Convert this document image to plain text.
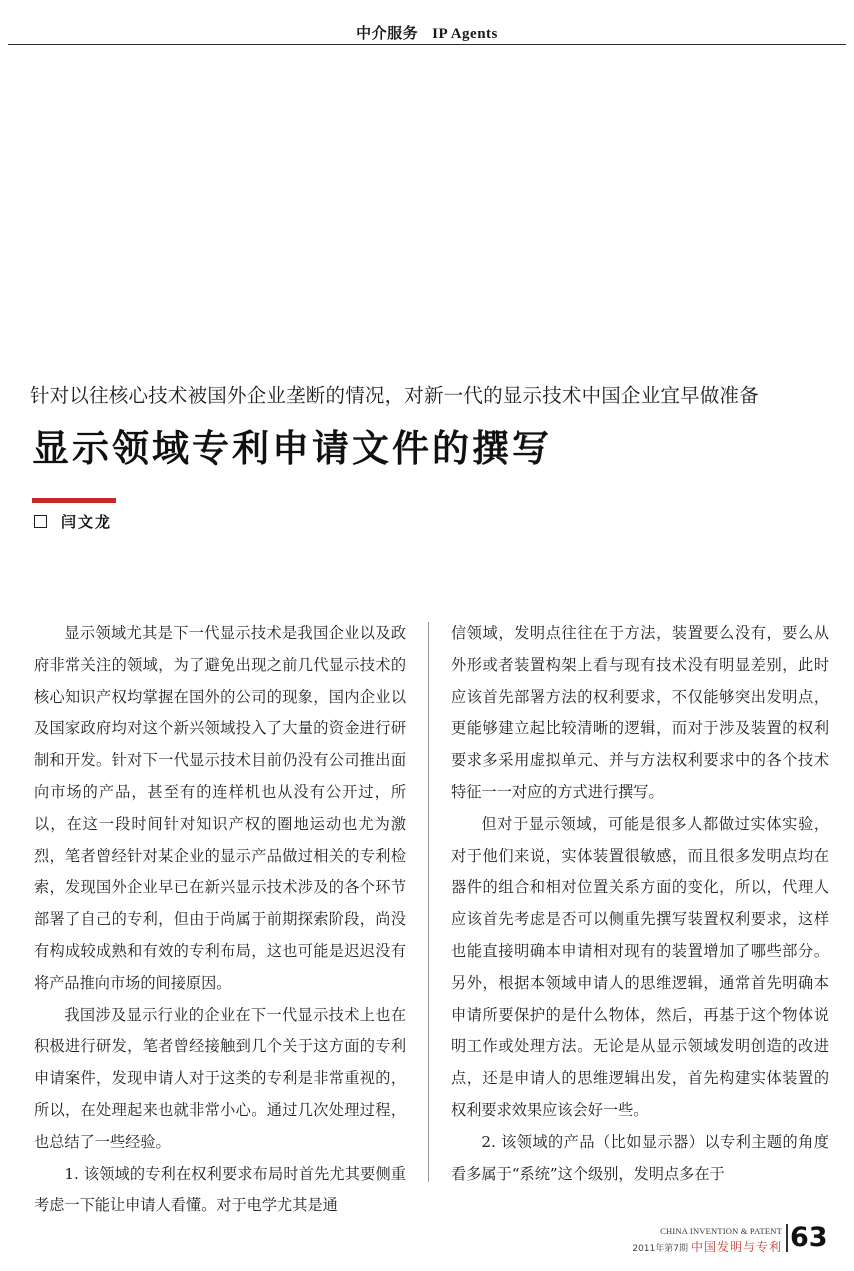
中介服务 IP Agents
针对以往核心技术被国外企业垄断的情况，对新一代的显示技术中国企业宜早做准备
显示领域专利申请文件的撰写
闫文龙

显示领域尤其是下一代显示技术是我国企业以及政府非常关注的领域，为了避免出现之前几代显示技术的核心知识产权均掌握在国外的公司的现象，国内企业以及国家政府均对这个新兴领域投入了大量的资金进行研制和开发。针对下一代显示技术目前仍没有公司推出面向市场的产品，甚至有的连样机也从没有公开过，所以，在这一段时间针对知识产权的圈地运动也尤为激烈，笔者曾经针对某企业的显示产品做过相关的专利检索，发现国外企业早已在新兴显示技术涉及的各个环节部署了自己的专利，但由于尚属于前期探索阶段，尚没有构成较成熟和有效的专利布局，这也可能是迟迟没有将产品推向市场的间接原因。

我国涉及显示行业的企业在下一代显示技术上也在积极进行研发，笔者曾经接触到几个关于这方面的专利申请案件，发现申请人对于这类的专利是非常重视的，所以，在处理起来也就非常小心。通过几次处理过程，也总结了一些经验。

1. 该领域的专利在权利要求布局时首先尤其要侧重考虑一下能让申请人看懂。对于电学尤其是通

信领域，发明点往往在于方法，装置要么没有，要么从外形或者装置构架上看与现有技术没有明显差别，此时应该首先部署方法的权利要求，不仅能够突出发明点，更能够建立起比较清晰的逻辑，而对于涉及装置的权利要求多采用虚拟单元、并与方法权利要求中的各个技术特征一一对应的方式进行撰写。

但对于显示领域，可能是很多人都做过实体实验，对于他们来说，实体装置很敏感，而且很多发明点均在器件的组合和相对位置关系方面的变化，所以，代理人应该首先考虑是否可以侧重先撰写装置权利要求，这样也能直接明确本申请相对现有的装置增加了哪些部分。另外，根据本领域申请人的思维逻辑，通常首先明确本申请所要保护的是什么物体，然后，再基于这个物体说明工作或处理方法。无论是从显示领域发明创造的改进点，还是申请人的思维逻辑出发，首先构建实体装置的权利要求效果应该会好一些。

2. 该领域的产品（比如显示器）以专利主题的角度看多属于“系统”这个级别，发明点多在于

CHINA INVENTION & PATENT
2011年第7期 中国发明与专利 63
